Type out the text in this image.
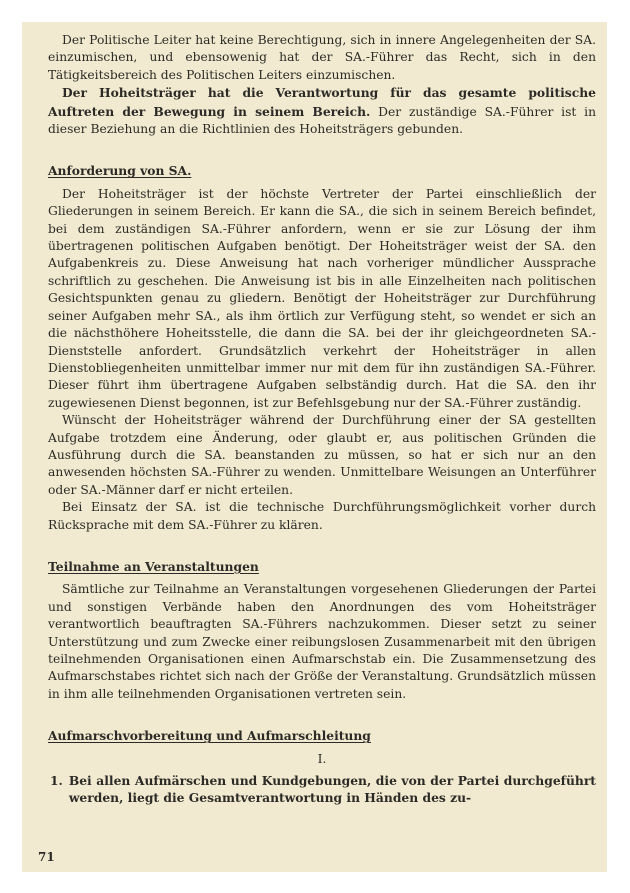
Der Politische Leiter hat keine Berechtigung, sich in innere Angelegenheiten der SA. einzumischen, und ebensowenig hat der SA.-Führer das Recht, sich in den Tätigkeitsbereich des Politischen Leiters einzumischen.

Der Hoheitsträger hat die Verantwortung für das gesamte politische Auftreten der Bewegung in seinem Bereich. Der zuständige SA.-Führer ist in dieser Beziehung an die Richtlinien des Hoheitsträgers gebunden.

Anforderung von SA.

Der Hoheitsträger ist der höchste Vertreter der Partei einschließlich der Gliederungen in seinem Bereich. Er kann die SA., die sich in seinem Bereich befindet, bei dem zuständigen SA.-Führer anfordern, wenn er sie zur Lösung der ihm übertragenen politischen Aufgaben benötigt. Der Hoheitsträger weist der SA. den Aufgabenkreis zu. Diese Anweisung hat nach vorheriger mündlicher Aussprache schriftlich zu geschehen. Die Anweisung ist bis in alle Einzelheiten nach politischen Gesichtspunkten genau zu gliedern. Benötigt der Hoheitsträger zur Durchführung seiner Aufgaben mehr SA., als ihm örtlich zur Verfügung steht, so wendet er sich an die nächsthöhere Hoheitsstelle, die dann die SA. bei der ihr gleichgeordneten SA.-Dienststelle anfordert. Grundsätzlich verkehrt der Hoheitsträger in allen Dienstobliegenheiten unmittelbar immer nur mit dem für ihn zuständigen SA.-Führer. Dieser führt ihm übertragene Aufgaben selbständig durch. Hat die SA. den ihr zugewiesenen Dienst begonnen, ist zur Befehlsgebung nur der SA.-Führer zuständig.

Wünscht der Hoheitsträger während der Durchführung einer der SA gestellten Aufgabe trotzdem eine Änderung, oder glaubt er, aus politischen Gründen die Ausführung durch die SA. beanstanden zu müssen, so hat er sich nur an den anwesenden höchsten SA.-Führer zu wenden. Unmittelbare Weisungen an Unterführer oder SA.-Männer darf er nicht erteilen.

Bei Einsatz der SA. ist die technische Durchführungsmöglichkeit vorher durch Rücksprache mit dem SA.-Führer zu klären.

Teilnahme an Veranstaltungen

Sämtliche zur Teilnahme an Veranstaltungen vorgesehenen Gliederungen der Partei und sonstigen Verbände haben den Anordnungen des vom Hoheitsträger verantwortlich beauftragten SA.-Führers nachzukommen. Dieser setzt zu seiner Unterstützung und zum Zwecke einer reibungslosen Zusammenarbeit mit den übrigen teilnehmenden Organisationen einen Aufmarschstab ein. Die Zusammensetzung des Aufmarschstabes richtet sich nach der Größe der Veranstaltung. Grundsätzlich müssen in ihm alle teilnehmenden Organisationen vertreten sein.

Aufmarschvorbereitung und Aufmarschleitung
I.
1. Bei allen Aufmärschen und Kundgebungen, die von der Partei durchgeführt werden, liegt die Gesamtverantwortung in Händen des zu-
71
